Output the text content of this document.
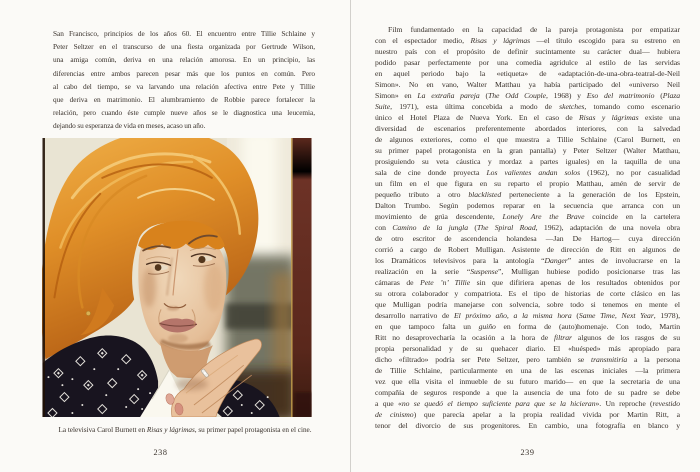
San Francisco, principios de los años 60. El encuentro entre Tillie Schlaine y
Peter Seltzer en el transcurso de una fiesta organizada por Gertrude Wilson,
una amiga común, deriva en una relación amorosa. En un principio, las
diferencias entre ambos parecen pesar más que los puntos en común. Pero
al cabo del tiempo, se va larvando una relación afectiva entre Pete y Tillie
que deriva en matrimonio. El alumbramiento de Robbie parece fortalecer la
relación, pero cuando éste cumple nueve años se le diagnostica una leucemia,
dejando su esperanza de vida en meses, acaso un año.
La televisiva Carol Burnett en Risas y lágrimas, su primer papel protagonista en el cine.
238
Film fundamentado en la capacidad de la pareja protagonista por empatizar
con el espectador medio, Risas y lágrimas —el título escogido para su estreno en
nuestro país con el propósito de definir sucintamente su carácter dual— hubiera
podido pasar perfectamente por una comedia agridulce al estilo de las servidas
en aquel periodo bajo la «etiqueta» de «adaptación-de-una-obra-teatral-de-Neil
Simon». No en vano, Walter Matthau ya había participado del «universo Neil
Simon» en La extraña pareja (The Odd Couple, 1968) y Eso del matrimonio (Plaza
Suite, 1971), esta última concebida a modo de sketches, tomando como escenario
único el Hotel Plaza de Nueva York. En el caso de Risas y lágrimas existe una
diversidad de escenarios preferentemente abordados interiores, con la salvedad
de algunos exteriores, como el que muestra a Tillie Schlaine (Carol Burnett, en
su primer papel protagonista en la gran pantalla) y Peter Seltzer (Walter Matthau,
prosiguiendo su veta cáustica y mordaz a partes iguales) en la taquilla de una
sala de cine donde proyecta Los valientes andan solos (1962), no por casualidad
un film en el que figura en su reparto el propio Matthau, amén de servir de
pequeño tributo a otro blacklisted perteneciente a la generación de los Epstein,
Dalton Trumbo. Según podemos reparar en la secuencia que arranca con un
movimiento de grúa descendente, Lonely Are the Brave coincide en la cartelera
con Camino de la jungla (The Spiral Road, 1962), adaptación de una novela obra
de otro escritor de ascendencia holandesa —Jan De Hartog— cuya dirección
corrió a cargo de Robert Mulligan. Asistente de dirección de Ritt en algunos de
los Dramáticos televisivos para la antología “Danger” antes de involucrarse en la
realización en la serie “Suspense”, Mulligan hubiese podido posicionarse tras las
cámaras de Pete ’n’ Tillie sin que difiriera apenas de los resultados obtenidos por
su otrora colaborador y compatriota. Es el tipo de historias de corte clásico en las
que Mulligan podría manejarse con solvencia, sobre todo si tenemos en mente el
desarrollo narrativo de El próximo año, a la misma hora (Same Time, Next Year, 1978),
en que tampoco falta un guiño en forma de (auto)homenaje. Con todo, Martin
Ritt no desaprovecharía la ocasión a la hora de filtrar algunos de los rasgos de su
propia personalidad y de su quehacer diario. El «huésped» más apropiado para
dicho «filtrado» podría ser Pete Seltzer, pero también se transmitiría a la persona
de Tillie Schlaine, particularmente en una de las escenas iniciales —la primera
vez que ella visita el inmueble de su futuro marido— en que la secretaria de una
compañía de seguros responde a que la ausencia de una foto de su padre se debe
a que «no se quedó el tiempo suficiente para que se la hicieran». Un reproche (revestido
de cinismo) que parecía apelar a la propia realidad vivida por Martin Ritt, a
tenor del divorcio de sus progenitores. En cambio, una fotografía en blanco y
239
